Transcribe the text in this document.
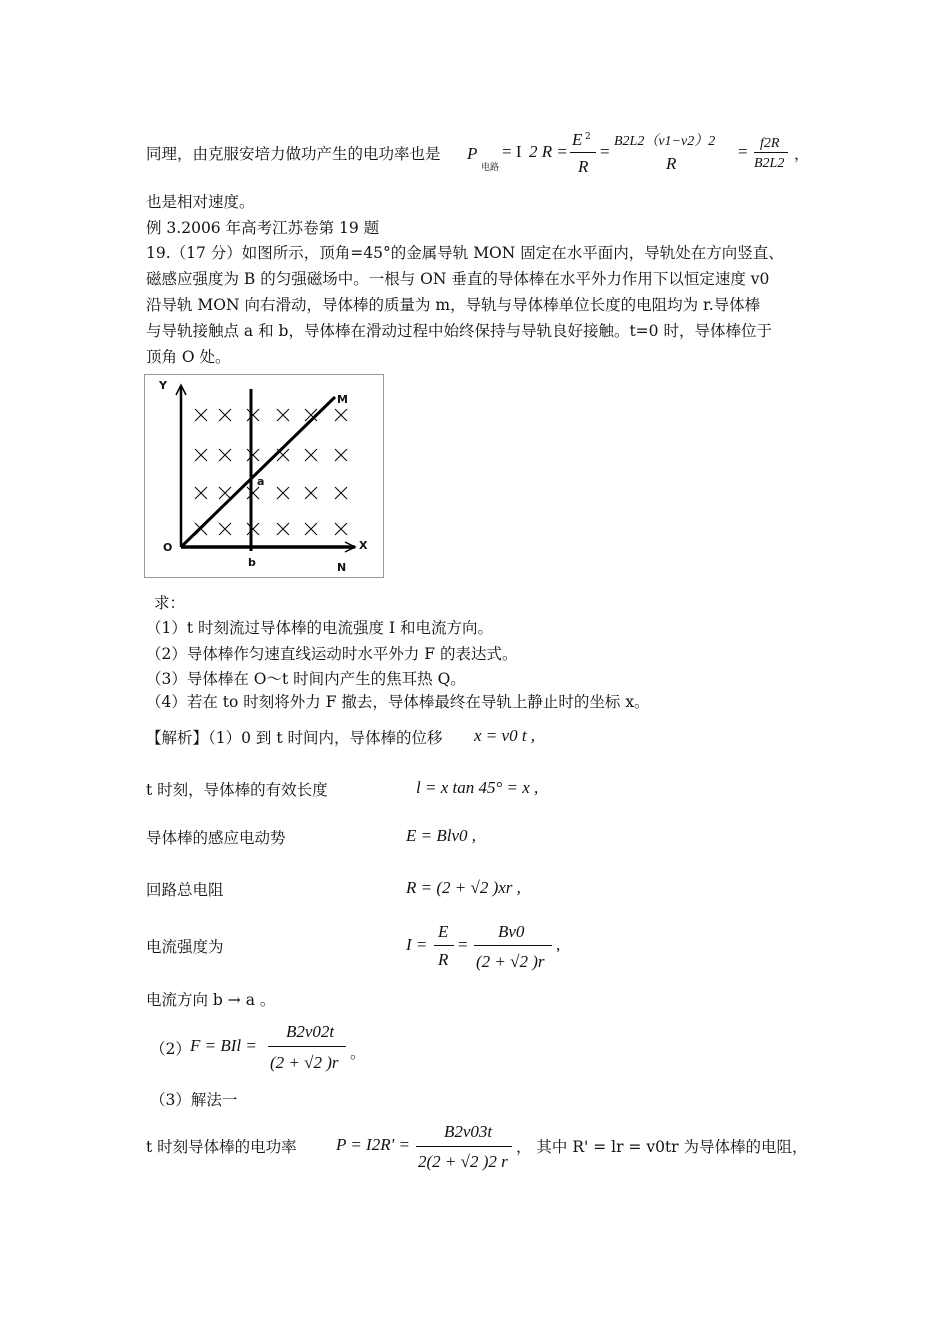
同理，由克服安培力做功产生的电功率也是 P
电路
= I 2 R =
E 2
R
=
B2L2（v1−v2）2
R
= f2R
B2L2
，
也是相对速度。
例 3.2006 年高考江苏卷第 19 题
19.（17 分）如图所示，顶角=45°的金属导轨 MON 固定在水平面内，导轨处在方向竖直、
磁感应强度为 B 的匀强磁场中。一根与 ON 垂直的导体棒在水平外力作用下以恒定速度 v0
沿导轨 MON 向右滑动，导体棒的质量为 m，导轨与导体棒单位长度的电阻均为 r.导体棒
与导轨接触点 a 和 b，导体棒在滑动过程中始终保持与导轨良好接触。t=0 时，导体棒位于
顶角 O 处。
Y
M
a
O	X
b	N
求：
（1）t 时刻流过导体棒的电流强度 I 和电流方向。
（2）导体棒作匀速直线运动时水平外力 F 的表达式。
（3）导体棒在 O～t 时间内产生的焦耳热 Q。
（4）若在 to 时刻将外力 F 撤去，导体棒最终在导轨上静止时的坐标 x。
【解析】（1）0 到 t 时间内，导体棒的位移 x = v0 t ,
t 时刻，导体棒的有效长度	l = x tan 45° = x ,
导体棒的感应电动势	E = Blv0 ,
回路总电阻	R = (2 + √2 )xr ,
电流强度为	I =
E
R
=
Bv0
(2 + √2 )r
,
电流方向 b → a 。
（2） F = BIl =
B2v02t
(2 + √2 )r 。
（3）解法一
t 时刻导体棒的电功率 P = I2R' =
B2v03t
2(2 + √2 )2 r
， 其中 R' = lr = v0tr 为导体棒的电阻，
